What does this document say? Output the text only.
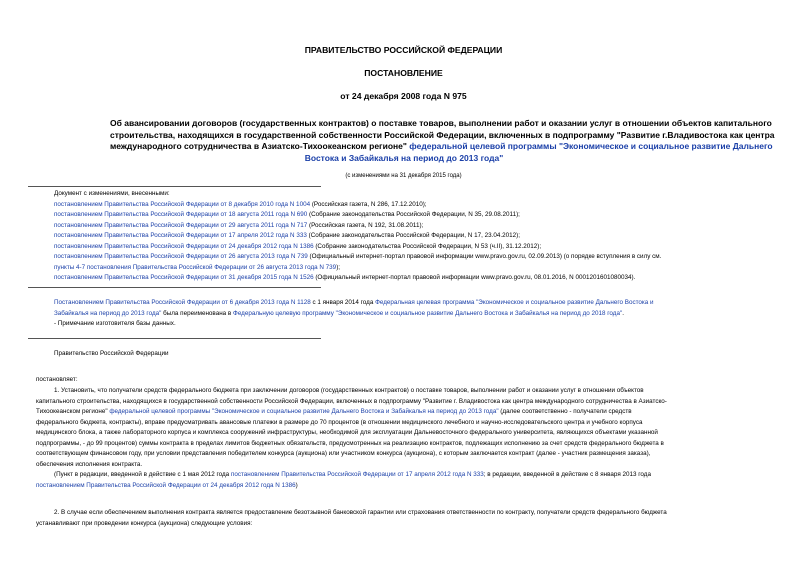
ПРАВИТЕЛЬСТВО РОССИЙСКОЙ ФЕДЕРАЦИИ
ПОСТАНОВЛЕНИЕ
от 24 декабря 2008 года N 975
Об авансировании договоров (государственных контрактов) о поставке товаров, выполнении работ и оказании услуг в отношении объектов капитального
строительства, находящихся в государственной собственности Российской Федерации, включенных в подпрограмму "Развитие г.Владивостока как центра
международного сотрудничества в Азиатско-Тихоокеанском регионе" федеральной целевой программы "Экономическое и социальное развитие Дальнего
Востока и Забайкалья на период до 2013 года"
(с изменениями на 31 декабря 2015 года)
Документ с изменениями, внесенными:
постановлением Правительства Российской Федерации от 8 декабря 2010 года N 1004 (Российская газета, N 286, 17.12.2010);
постановлением Правительства Российской Федерации от 18 августа 2011 года N 690 (Собрание законодательства Российской Федерации, N 35, 29.08.2011);
постановлением Правительства Российской Федерации от 29 августа 2011 года N 717 (Российская газета, N 192, 31.08.2011);
постановлением Правительства Российской Федерации от 17 апреля 2012 года N 333 (Собрание законодательства Российской Федерации, N 17, 23.04.2012);
постановлением Правительства Российской Федерации от 24 декабря 2012 года N 1386 (Собрание законодательства Российской Федерации, N 53 (ч.II), 31.12.2012);
постановлением Правительства Российской Федерации от 26 августа 2013 года N 739 (Официальный интернет-портал правовой информации www.pravo.gov.ru, 02.09.2013) (о порядке вступления в силу см.
пункты 4-7 постановления Правительства Российской Федерации от 26 августа 2013 года N 739);
постановлением Правительства Российской Федерации от 31 декабря 2015 года N 1526 (Официальный интернет-портал правовой информации www.pravo.gov.ru, 08.01.2016, N 0001201601080034).
Постановлением Правительства Российской Федерации от 6 декабря 2013 года N 1128 с 1 января 2014 года Федеральная целевая программа "Экономическое и социальное развитие Дальнего Востока и
Забайкалья на период до 2013 года" была переименована в Федеральную целевую программу "Экономическое и социальное развитие Дальнего Востока и Забайкалья на период до 2018 года".
- Примечание изготовителя базы данных.
Правительство Российской Федерации
постановляет:
1. Установить, что получатели средств федерального бюджета при заключении договоров (государственных контрактов) о поставке товаров, выполнении работ и оказании услуг в отношении объектов
капитального строительства, находящихся в государственной собственности Российской Федерации, включенных в подпрограмму "Развитие г. Владивостока как центра международного сотрудничества в Азиатско-
Тихоокеанском регионе" федеральной целевой программы "Экономическое и социальное развитие Дальнего Востока и Забайкалья на период до 2013 года" (далее соответственно - получатели средств
федерального бюджета, контракты), вправе предусматривать авансовые платежи в размере до 70 процентов (в отношении медицинского лечебного и научно-исследовательского центра и учебного корпуса
медицинского блока, а также лабораторного корпуса и комплекса сооружений инфраструктуры, необходимой для эксплуатации Дальневосточного федерального университета, являющихся объектами указанной
подпрограммы, - до 99 процентов) суммы контракта в пределах лимитов бюджетных обязательств, предусмотренных на реализацию контрактов, подлежащих исполнению за счет средств федерального бюджета в
соответствующем финансовом году, при условии представления победителем конкурса (аукциона) или участником конкурса (аукциона), с которым заключается контракт (далее - участник размещения заказа),
обеспечения исполнения контракта.
(Пункт в редакции, введенной в действие с 1 мая 2012 года постановлением Правительства Российской Федерации от 17 апреля 2012 года N 333; в редакции, введенной в действие с 8 января 2013 года
постановлением Правительства Российской Федерации от 24 декабря 2012 года N 1386)
2. В случае если обеспечением выполнения контракта является предоставление безотзывной банковской гарантии или страхования ответственности по контракту, получатели средств федерального бюджета
устанавливают при проведении конкурса (аукциона) следующие условия:
